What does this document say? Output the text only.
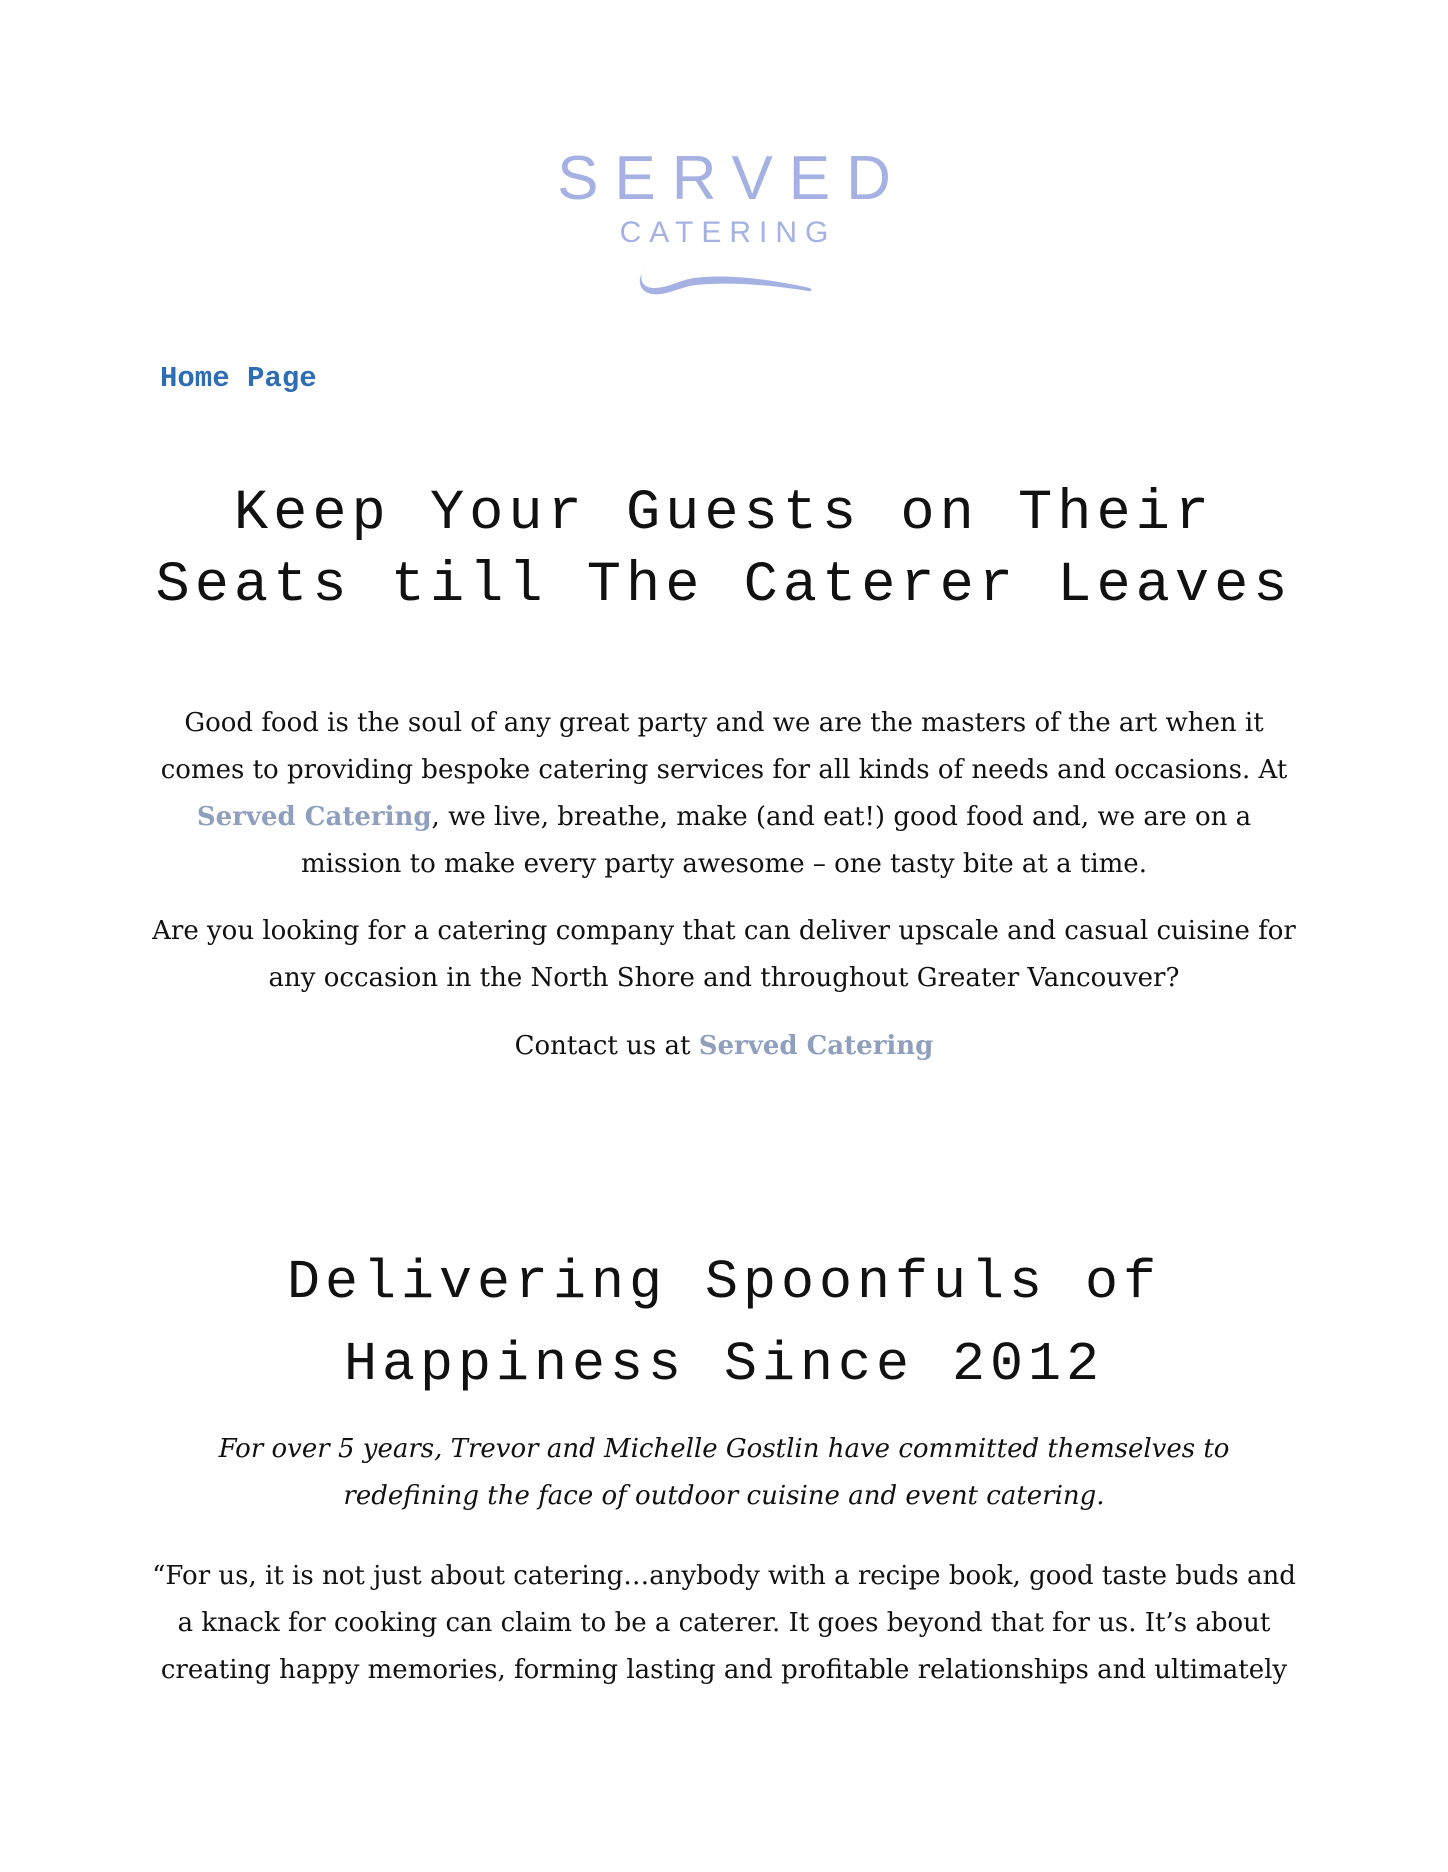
SERVED
CATERING
Home Page
Keep Your Guests on Their
Seats till The Caterer Leaves

Good food is the soul of any great party and we are the masters of the art when it comes to providing bespoke catering services for all kinds of needs and occasions. At Served Catering, we live, breathe, make (and eat!) good food and, we are on a mission to make every party awesome – one tasty bite at a time.

Are you looking for a catering company that can deliver upscale and casual cuisine for any occasion in the North Shore and throughout Greater Vancouver?

Contact us at Served Catering

Delivering Spoonfuls of
Happiness Since 2012

For over 5 years, Trevor and Michelle Gostlin have committed themselves to redefining the face of outdoor cuisine and event catering.

“For us, it is not just about catering…anybody with a recipe book, good taste buds and a knack for cooking can claim to be a caterer. It goes beyond that for us. It’s about creating happy memories, forming lasting and profitable relationships and ultimately
